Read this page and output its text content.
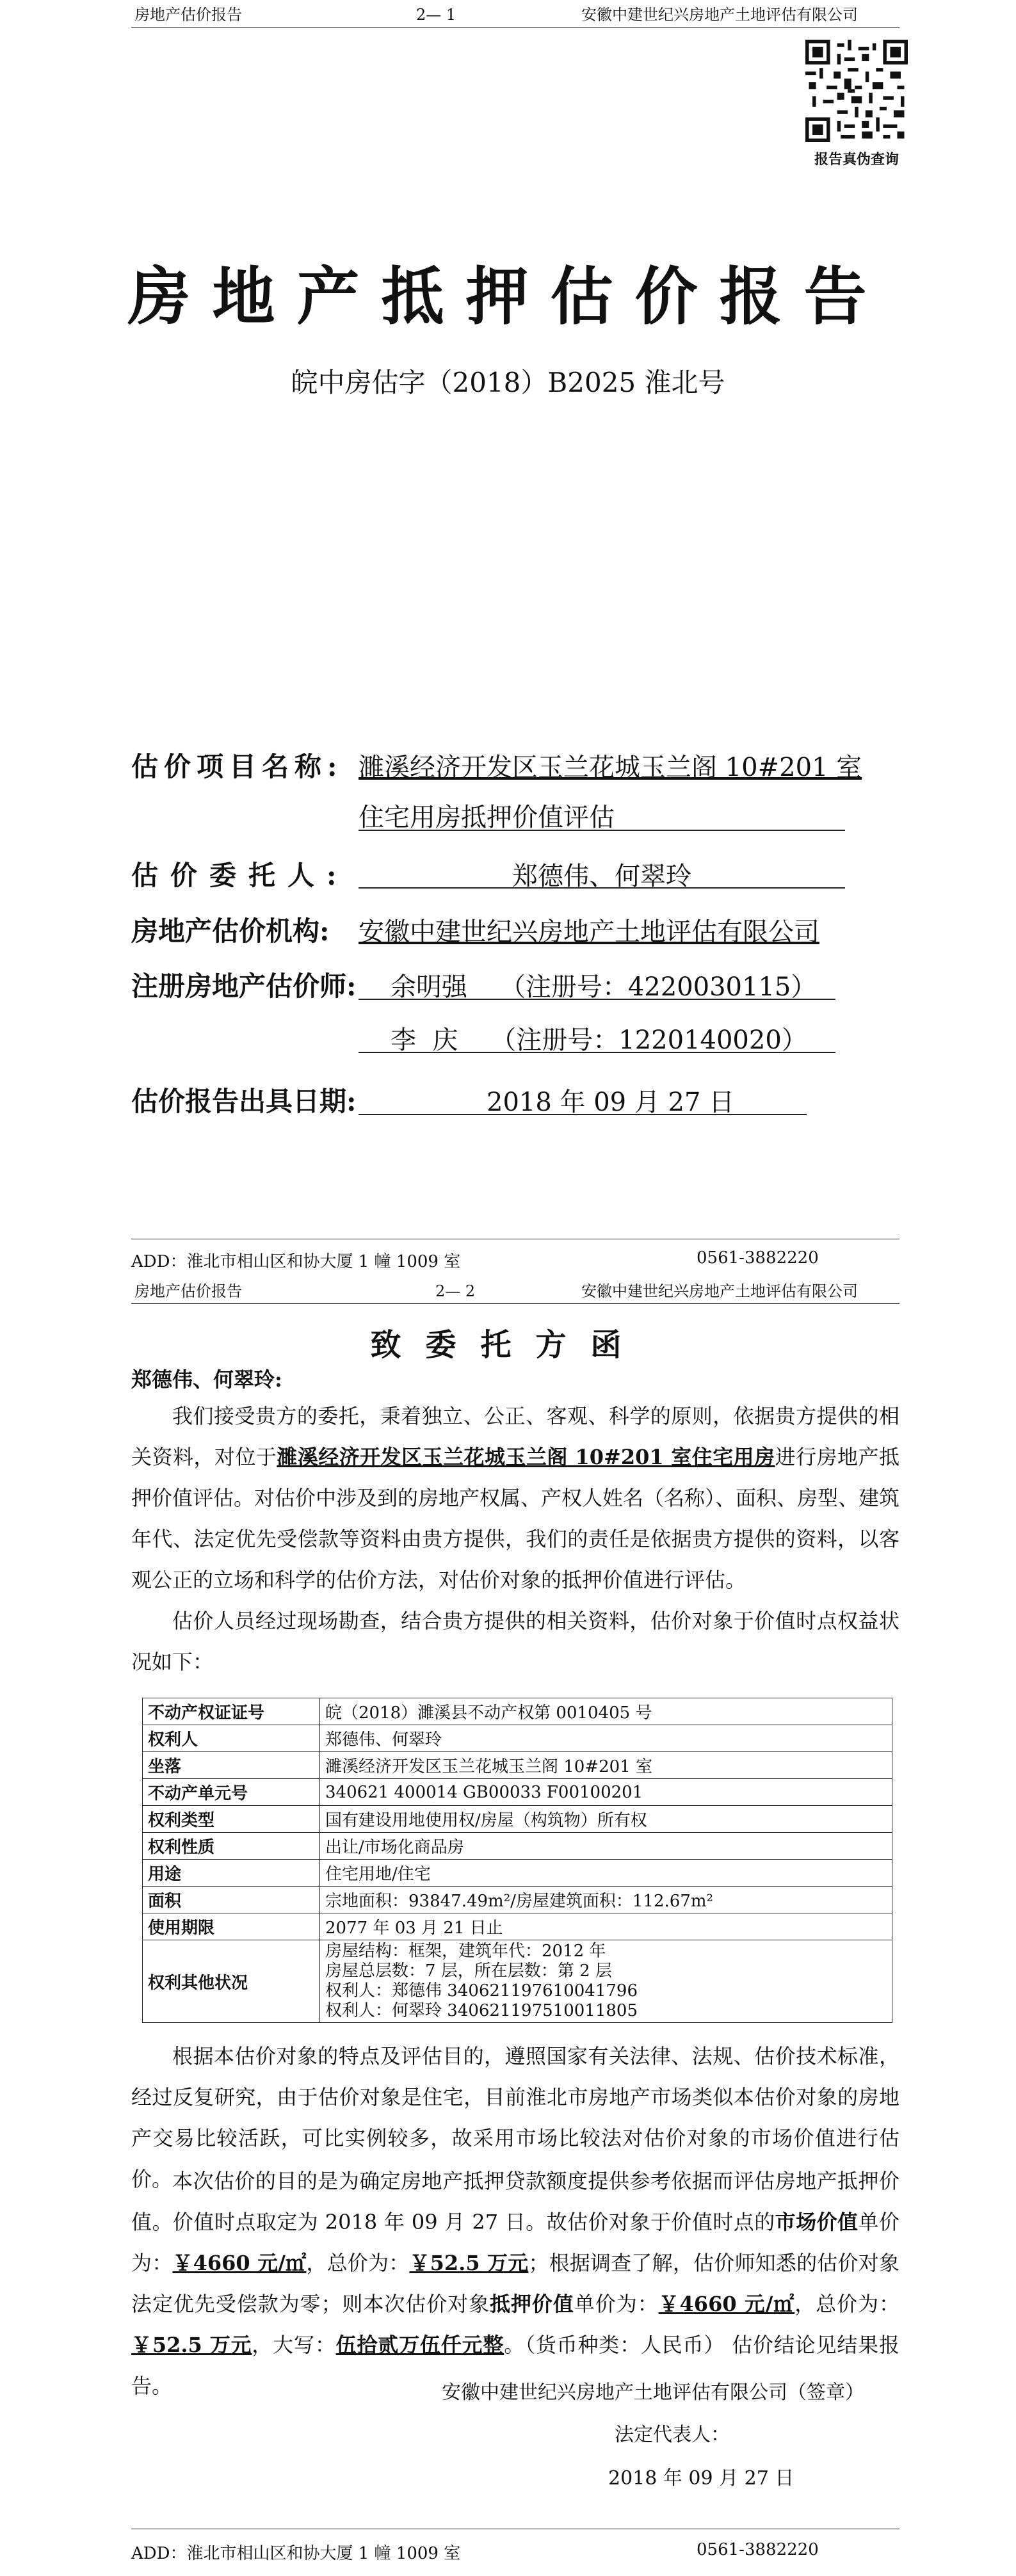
房地产估价报告	2— 1	安徽中建世纪兴房地产土地评估有限公司
报告真伪查询
房地产抵押估价报告
皖中房估字（2018）B2025 淮北号
估价项目名称: 濉溪经济开发区玉兰花城玉兰阁 10#201 室
住宅用房抵押价值评估
估价委托人:	郑德伟、何翠玲
房地产估价机构: 安徽中建世纪兴房地产土地评估有限公司
注册房地产估价师: 余明强    （注册号：4220030115）
李  庆    （注册号：1220140020）
估价报告出具日期:	2018 年 09 月 27 日
ADD：淮北市相山区和协大厦 1 幢 1009 室	0561-3882220
房地产估价报告	2— 2	安徽中建世纪兴房地产土地评估有限公司
致委托方函
郑德伟、何翠玲:
我们接受贵方的委托，秉着独立、公正、客观、科学的原则，依据贵方提供的相关资料，对位于濉溪经济开发区玉兰花城玉兰阁 10#201 室住宅用房进行房地产抵押价值评估。对估价中涉及到的房地产权属、产权人姓名（名称）、面积、房型、建筑年代、法定优先受偿款等资料由贵方提供，我们的责任是依据贵方提供的资料，以客观公正的立场和科学的估价方法，对估价对象的抵押价值进行评估。
估价人员经过现场勘查，结合贵方提供的相关资料，估价对象于价值时点权益状况如下：
不动产权证证号	皖（2018）濉溪县不动产权第 0010405 号
权利人	郑德伟、何翠玲
坐落	濉溪经济开发区玉兰花城玉兰阁 10#201 室
不动产单元号	340621 400014 GB00033 F00100201
权利类型	国有建设用地使用权/房屋（构筑物）所有权
权利性质	出让/市场化商品房
用途	住宅用地/住宅
面积	宗地面积：93847.49m²/房屋建筑面积：112.67m²
使用期限	2077 年 03 月 21 日止
权利其他状况	房屋结构：框架，建筑年代：2012 年
房屋总层数：7 层，所在层数：第 2 层
权利人：郑德伟 340621197610041796
权利人：何翠玲 340621197510011805
根据本估价对象的特点及评估目的，遵照国家有关法律、法规、估价技术标准，经过反复研究，由于估价对象是住宅，目前淮北市房地产市场类似本估价对象的房地产交易比较活跃，可比实例较多，故采用市场比较法对估价对象的市场价值进行估价。 本次估价的目的是为确定房地产抵押贷款额度提供参考依据而评估房地产抵押价值。价值时点取定为 2018 年 09 月 27 日。故估价对象于价值时点的市场价值单价为：￥4660 元/㎡，总价为：￥52.5 万元；根据调查了解，估价师知悉的估价对象法定优先受偿款为零；则本次估价对象抵押价值单价为：￥4660 元/㎡，总价为：￥52.5 万元，大写：伍拾贰万伍仟元整。（货币种类：人民币） 估价结论见结果报告。	安徽中建世纪兴房地产土地评估有限公司（签章）
法定代表人：
2018 年 09 月 27 日
ADD：淮北市相山区和协大厦 1 幢 1009 室	0561-3882220
